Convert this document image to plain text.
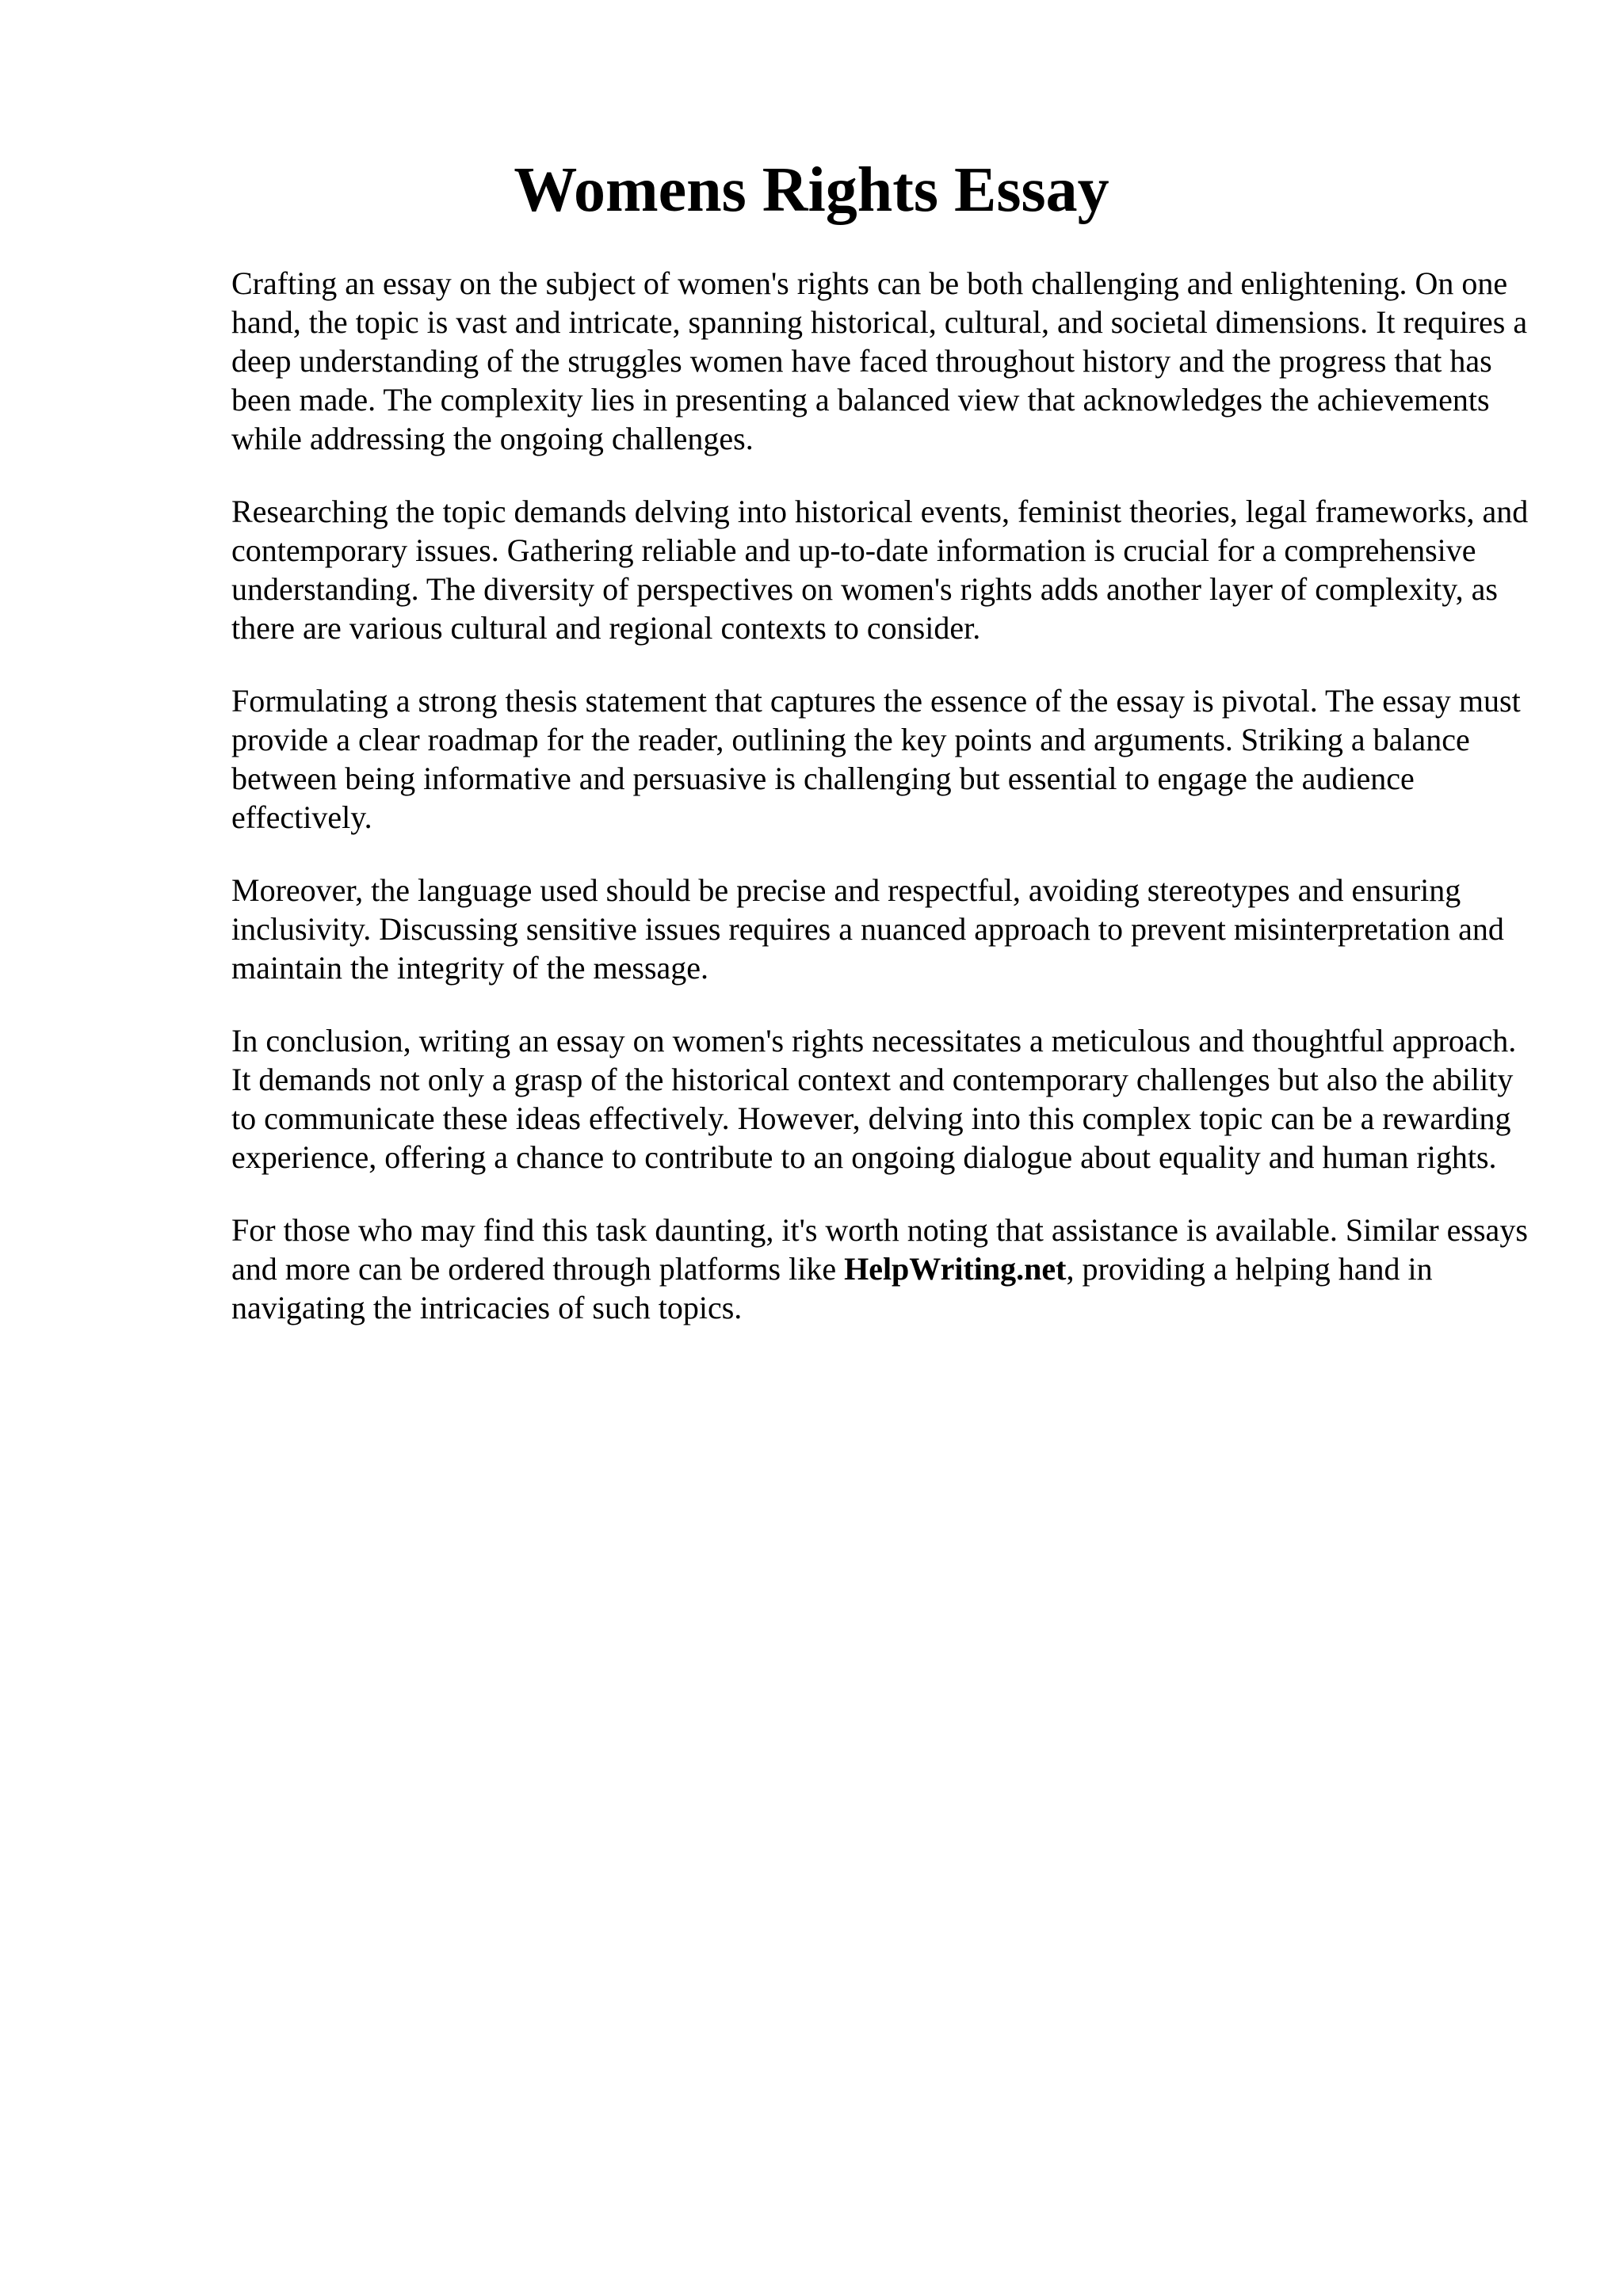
Womens Rights Essay

Crafting an essay on the subject of women's rights can be both challenging and enlightening. On one hand, the topic is vast and intricate, spanning historical, cultural, and societal dimensions. It requires a deep understanding of the struggles women have faced throughout history and the progress that has been made. The complexity lies in presenting a balanced view that acknowledges the achievements while addressing the ongoing challenges.

Researching the topic demands delving into historical events, feminist theories, legal frameworks, and contemporary issues. Gathering reliable and up-to-date information is crucial for a comprehensive understanding. The diversity of perspectives on women's rights adds another layer of complexity, as there are various cultural and regional contexts to consider.

Formulating a strong thesis statement that captures the essence of the essay is pivotal. The essay must provide a clear roadmap for the reader, outlining the key points and arguments. Striking a balance between being informative and persuasive is challenging but essential to engage the audience effectively.

Moreover, the language used should be precise and respectful, avoiding stereotypes and ensuring inclusivity. Discussing sensitive issues requires a nuanced approach to prevent misinterpretation and maintain the integrity of the message.

In conclusion, writing an essay on women's rights necessitates a meticulous and thoughtful approach. It demands not only a grasp of the historical context and contemporary challenges but also the ability to communicate these ideas effectively. However, delving into this complex topic can be a rewarding experience, offering a chance to contribute to an ongoing dialogue about equality and human rights.

For those who may find this task daunting, it's worth noting that assistance is available. Similar essays and more can be ordered through platforms like HelpWriting.net, providing a helping hand in navigating the intricacies of such topics.
